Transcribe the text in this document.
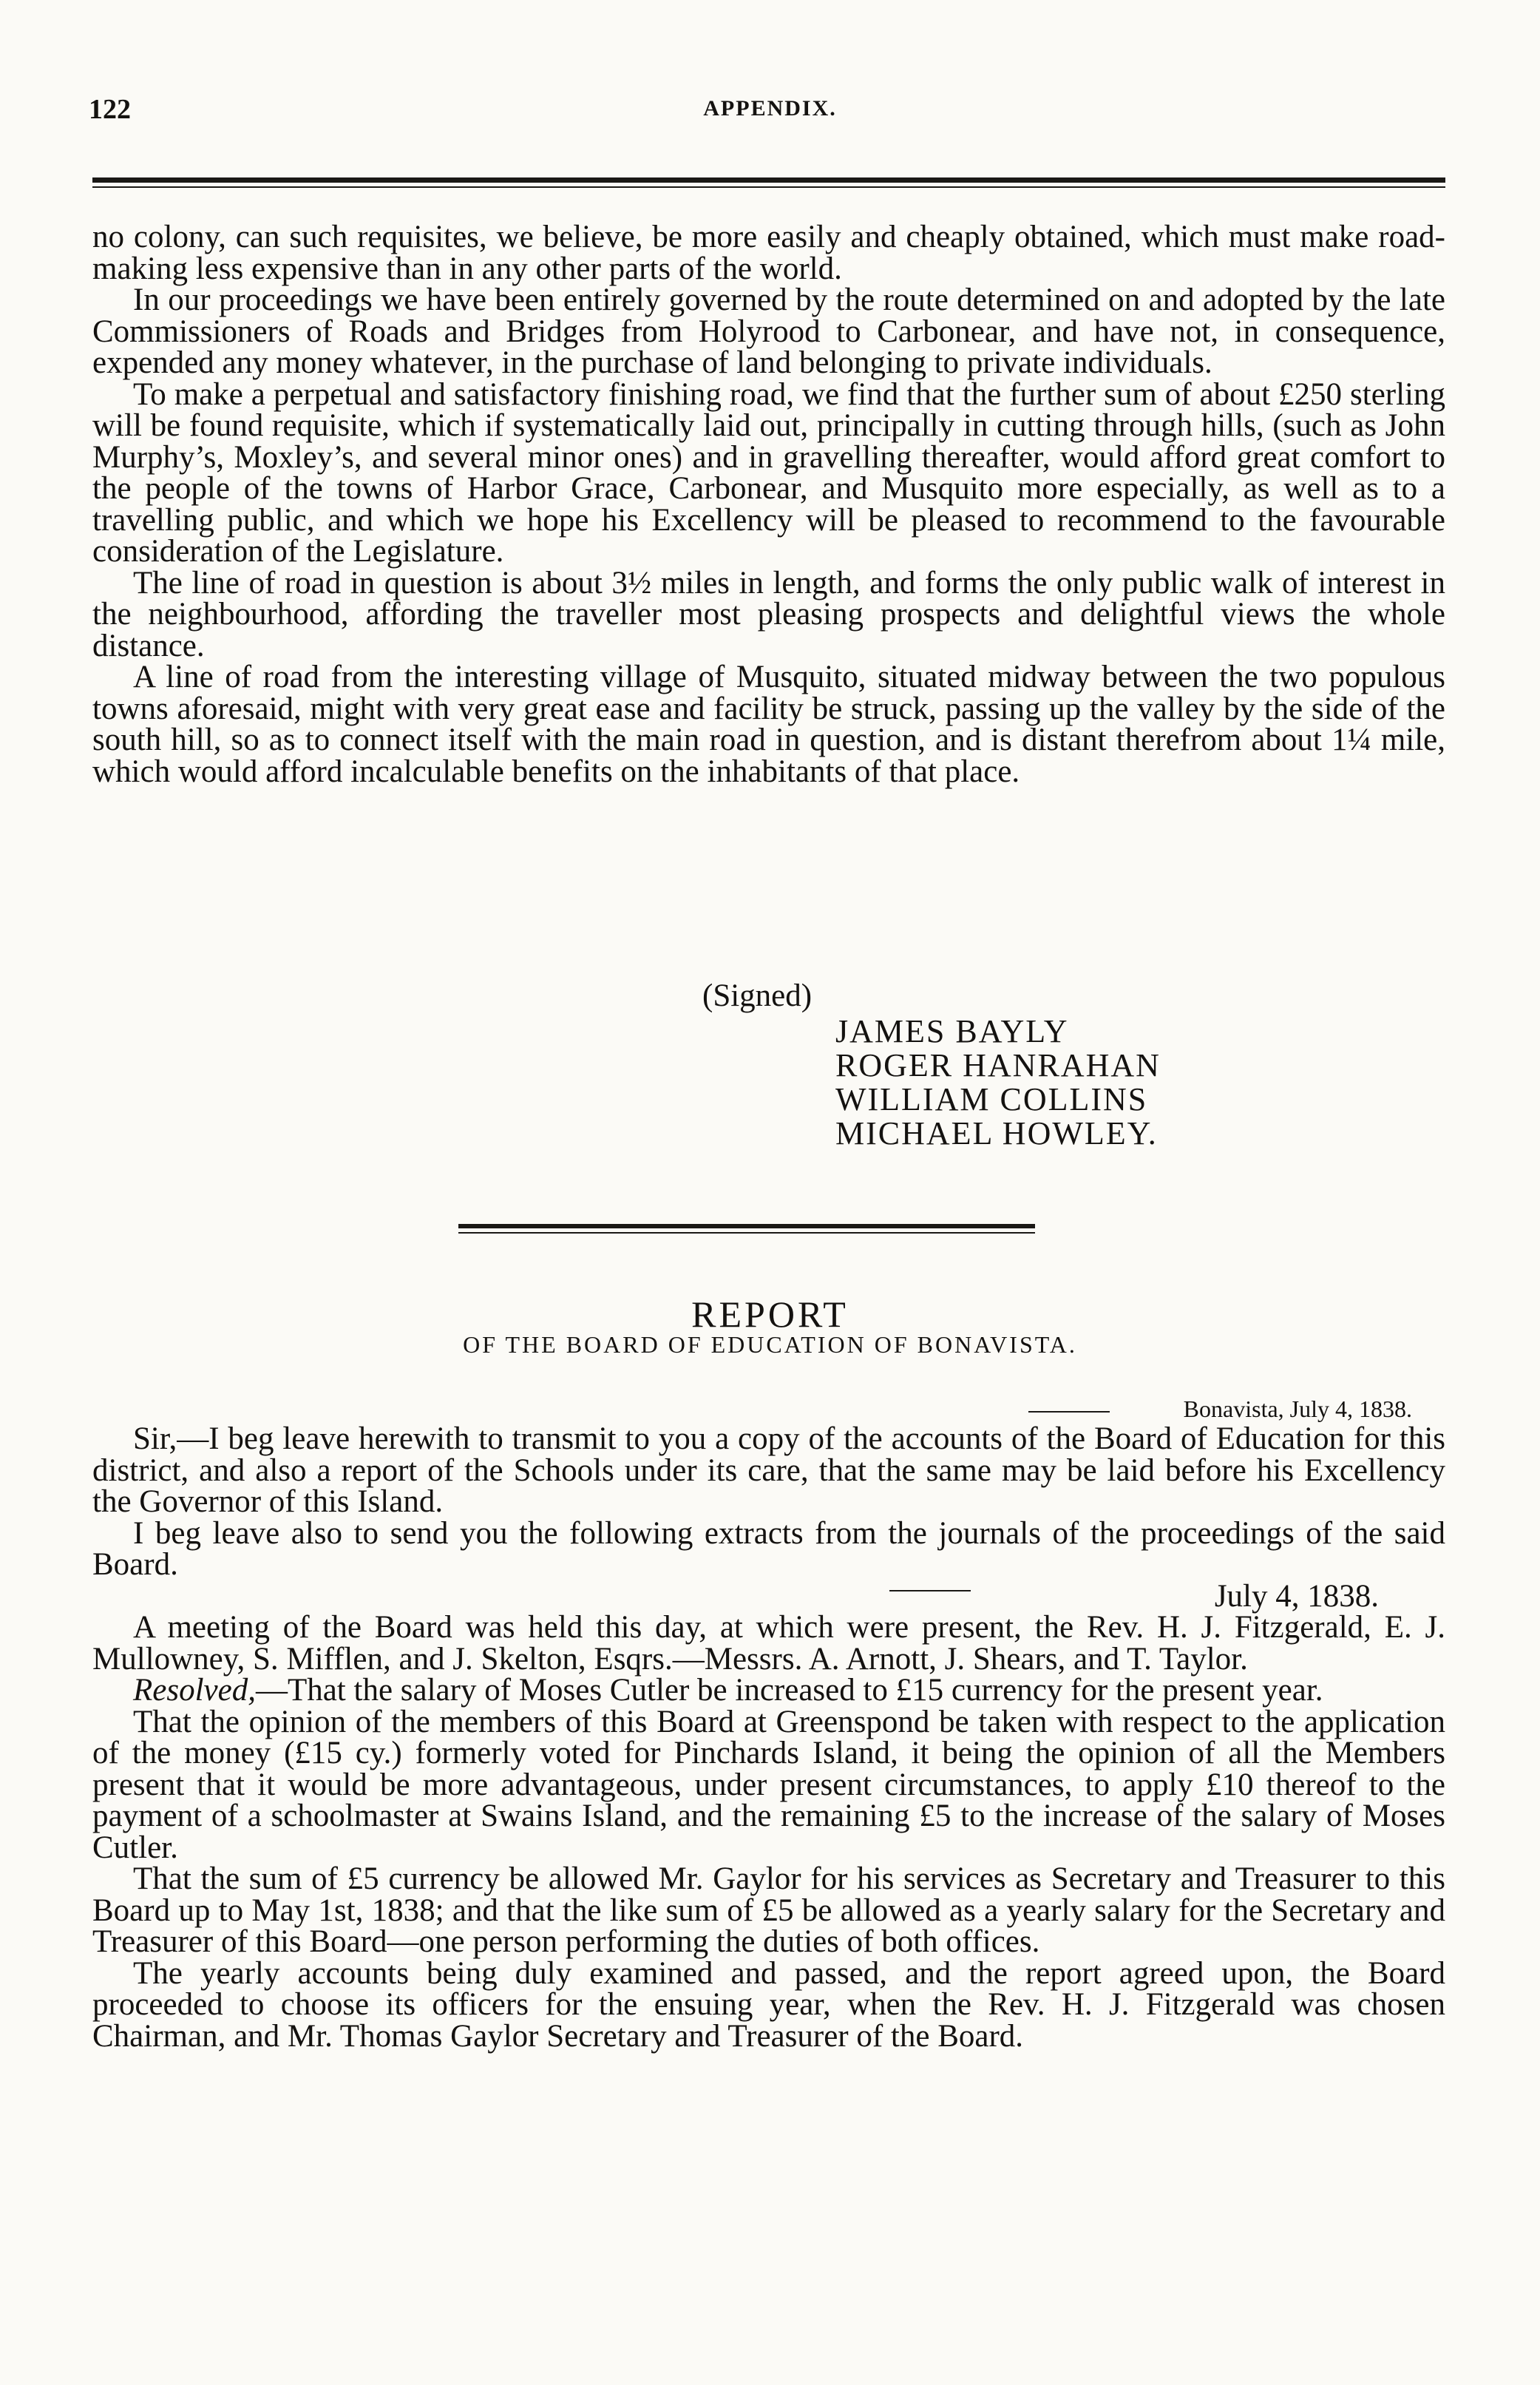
122	APPENDIX.

no colony, can such requisites, we believe, be more easily and cheaply obtained, which must make road-making less expensive than in any other parts of the world.

In our proceedings we have been entirely governed by the route determined on and adopted by the late Commissioners of Roads and Bridges from Holyrood to Carbonear, and have not, in consequence, expended any money whatever, in the purchase of land belonging to private individuals.

To make a perpetual and satisfactory finishing road, we find that the further sum of about £250 sterling will be found requisite, which if systematically laid out, principally in cutting through hills, (such as John Murphy’s, Moxley’s, and several minor ones) and in gravelling thereafter, would afford great comfort to the people of the towns of Harbor Grace, Carbonear, and Musquito more especially, as well as to a travelling public, and which we hope his Excellency will be pleased to recommend to the favourable consideration of the Legislature.

The line of road in question is about 3½ miles in length, and forms the only public walk of interest in the neighbourhood, affording the traveller most pleasing prospects and delightful views the whole distance.

A line of road from the interesting village of Musquito, situated midway between the two populous towns aforesaid, might with very great ease and facility be struck, passing up the valley by the side of the south hill, so as to connect itself with the main road in question, and is distant therefrom about 1¼ mile, which would afford incalculable benefits on the inhabitants of that place.

(Signed)
JAMES BAYLY
ROGER HANRAHAN
WILLIAM COLLINS
MICHAEL HOWLEY.
REPORT
OF THE BOARD OF EDUCATION OF BONAVISTA.
Bonavista, July 4, 1838.

Sir,—I beg leave herewith to transmit to you a copy of the accounts of the Board of Education for this district, and also a report of the Schools under its care, that the same may be laid before his Excellency the Governor of this Island.

I beg leave also to send you the following extracts from the journals of the proceedings of the said Board.

July 4, 1838.

A meeting of the Board was held this day, at which were present, the Rev. H. J. Fitzgerald, E. J. Mullowney, S. Mifflen, and J. Skelton, Esqrs.—Messrs. A. Arnott, J. Shears, and T. Taylor.

Resolved,—That the salary of Moses Cutler be increased to £15 currency for the present year.

That the opinion of the members of this Board at Greenspond be taken with respect to the application of the money (£15 cy.) formerly voted for Pinchards Island, it being the opinion of all the Members present that it would be more advantageous, under present circumstances, to apply £10 thereof to the payment of a schoolmaster at Swains Island, and the remaining £5 to the increase of the salary of Moses Cutler.

That the sum of £5 currency be allowed Mr. Gaylor for his services as Secretary and Treasurer to this Board up to May 1st, 1838; and that the like sum of £5 be allowed as a yearly salary for the Secretary and Treasurer of this Board—one person performing the duties of both offices.

The yearly accounts being duly examined and passed, and the report agreed upon, the Board proceeded to choose its officers for the ensuing year, when the Rev. H. J. Fitzgerald was chosen Chairman, and Mr. Thomas Gaylor Secretary and Treasurer of the Board.
